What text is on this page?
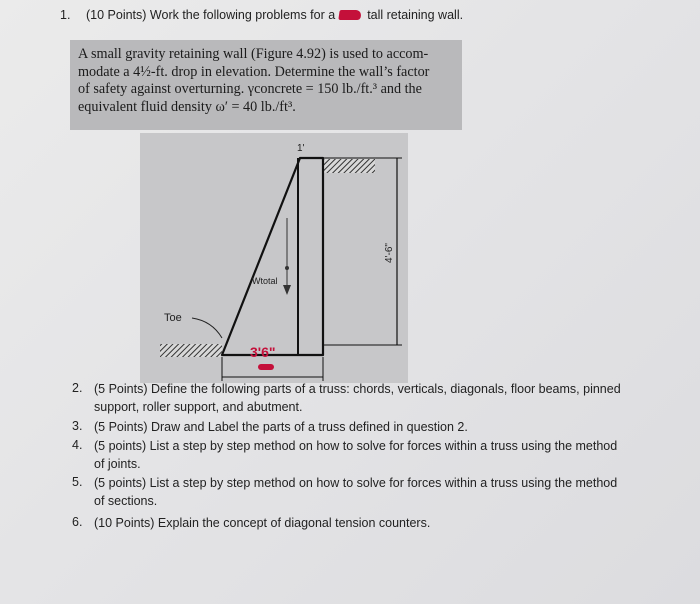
1.	(10 Points) Work the following problems for a	tall retaining wall.
A small gravity retaining wall (Figure 4.92) is used to accom-
modate a 4½-ft. drop in elevation. Determine the wall’s factor
of safety against overturning. γconcrete = 150 lb./ft.³ and the
equivalent fluid density ω′ = 40 lb./ft³.
4'-6"
1'
Wtotal
Toe
3'6"
2. (5 Points) Define the following parts of a truss: chords, verticals, diagonals, floor beams, pinned
support, roller support, and abutment.
3. (5 Points) Draw and Label the parts of a truss defined in question 2.
4. (5 points) List a step by step method on how to solve for forces within a truss using the method
of joints.
5. (5 points) List a step by step method on how to solve for forces within a truss using the method
of sections.
6. (10 Points) Explain the concept of diagonal tension counters.
